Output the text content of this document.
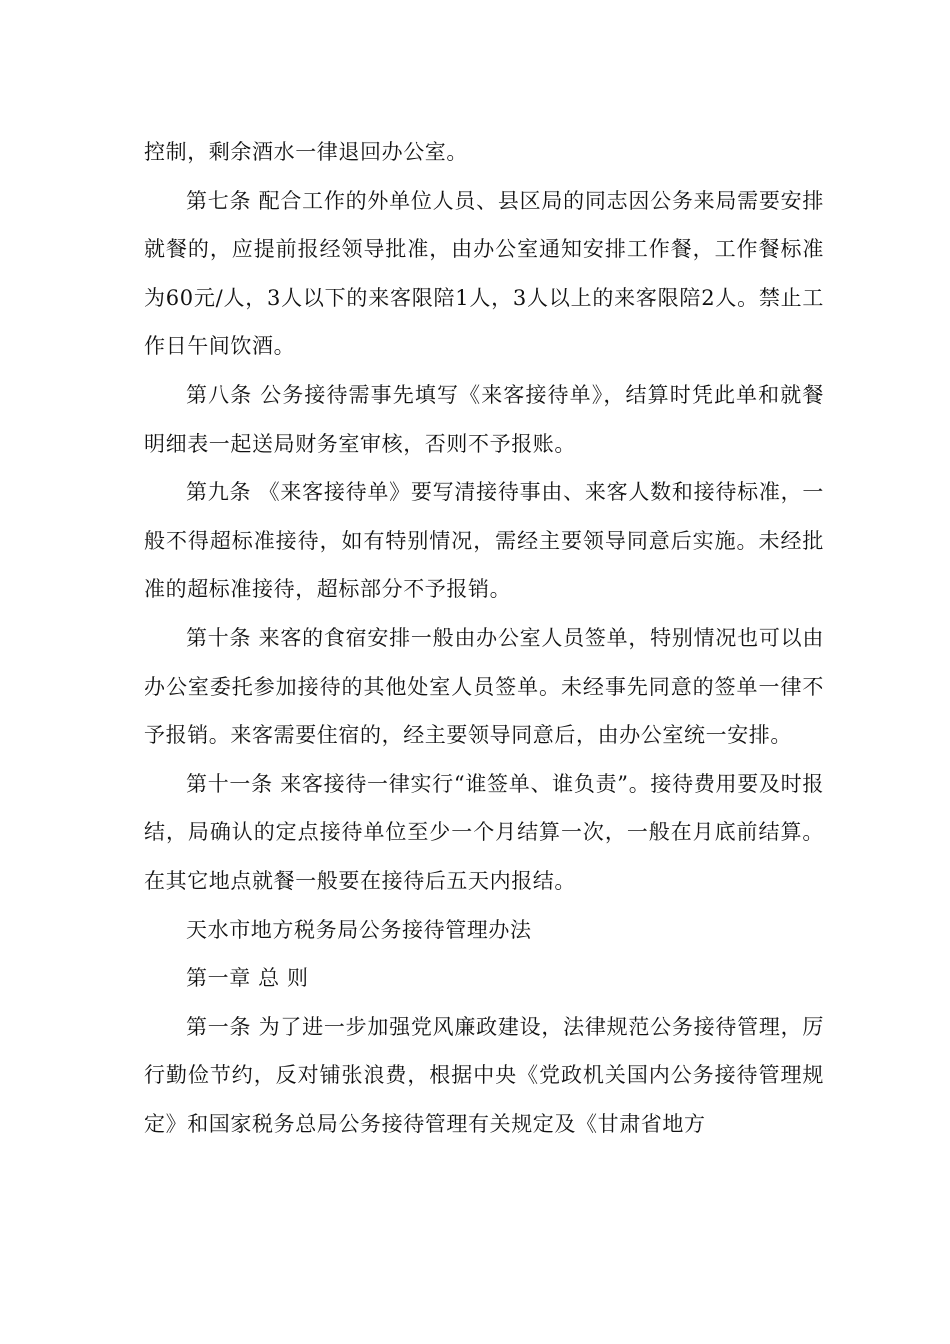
控制，剩余酒水一律退回办公室。

第七条 配合工作的外单位人员、县区局的同志因公务来局需要安排就餐的，应提前报经领导批准，由办公室通知安排工作餐，工作餐标准为60元/人，3人以下的来客限陪1人，3人以上的来客限陪2人。禁止工作日午间饮酒。

第八条 公务接待需事先填写《来客接待单》，结算时凭此单和就餐明细表一起送局财务室审核，否则不予报账。

第九条 《来客接待单》要写清接待事由、来客人数和接待标准，一般不得超标准接待，如有特别情况，需经主要领导同意后实施。未经批准的超标准接待，超标部分不予报销。

第十条 来客的食宿安排一般由办公室人员签单，特别情况也可以由办公室委托参加接待的其他处室人员签单。未经事先同意的签单一律不予报销。来客需要住宿的，经主要领导同意后，由办公室统一安排。

第十一条 来客接待一律实行“谁签单、谁负责”。接待费用要及时报结，局确认的定点接待单位至少一个月结算一次，一般在月底前结算。在其它地点就餐一般要在接待后五天内报结。

天水市地方税务局公务接待管理办法

第一章 总 则

第一条 为了进一步加强党风廉政建设，法律规范公务接待管理，厉行勤俭节约，反对铺张浪费，根据中央《党政机关国内公务接待管理规定》和国家税务总局公务接待管理有关规定及《甘肃省地方
